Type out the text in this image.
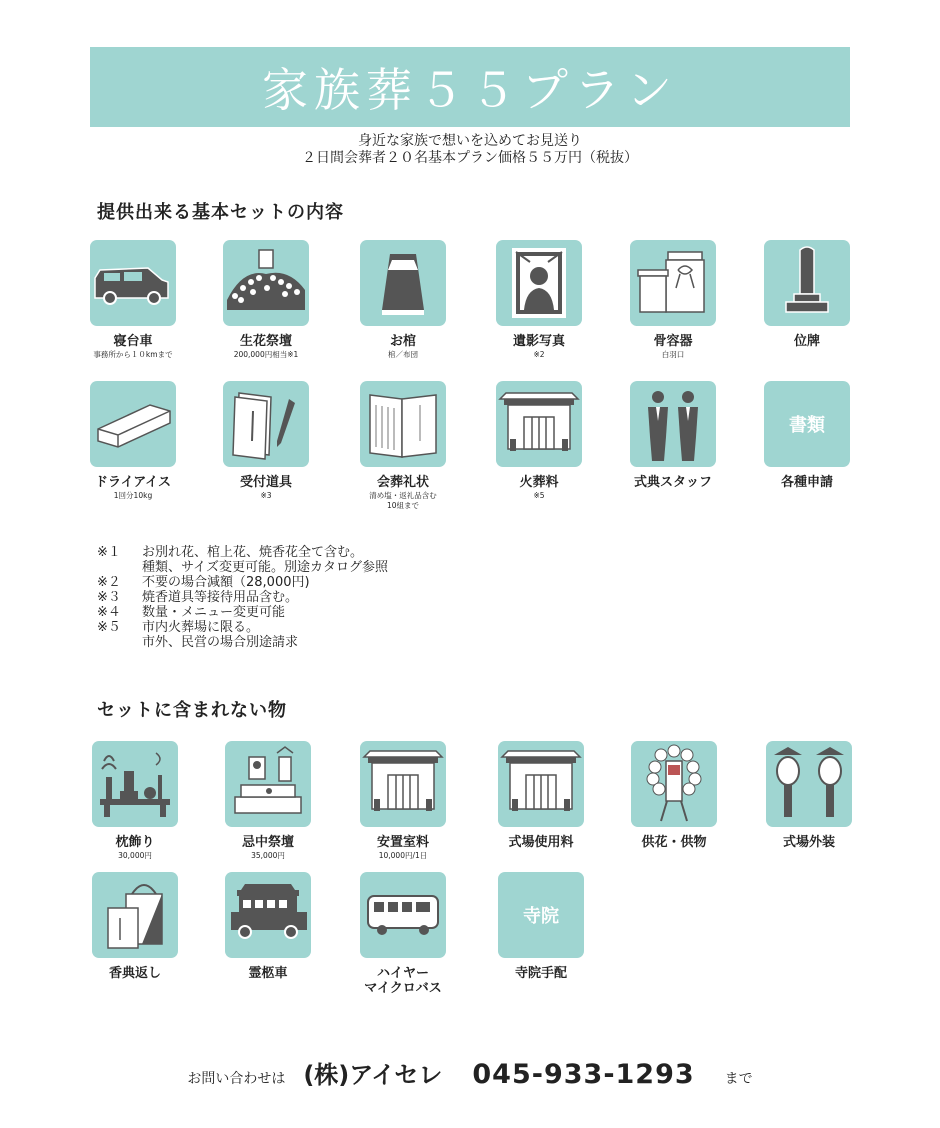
家族葬５５プラン
身近な家族で想いを込めてお見送り
２日間会葬者２０名基本プラン価格５５万円（税抜）
提供出来る基本セットの内容
寝台車
事務所から１０kmまで
生花祭壇
200,000円相当※1
お棺
棺／布団
遺影写真
※2
骨容器
白羽口
位牌
ドライアイス
1回分10kg
受付道具
※3
会葬礼状
清め塩・返礼品含む
10組まで
火葬料
※5
式典スタッフ
書類
各種申請
※１	お別れ花、棺上花、焼香花全て含む。
種類、サイズ変更可能。別途カタログ参照
※２	不要の場合減額（28,000円)
※３	焼香道具等接待用品含む。
※４	数量・メニュー変更可能
※５	市内火葬場に限る。
市外、民営の場合別途請求
セットに含まれない物
枕飾り
30,000円
忌中祭壇
35,000円
安置室料
10,000円/1日
式場使用料	供花・供物	式場外装
香典返し	霊柩車	ハイヤー
マイクロバス
寺院
寺院手配
お問い合わせは (株)アイセレ 045-933-1293 まで
